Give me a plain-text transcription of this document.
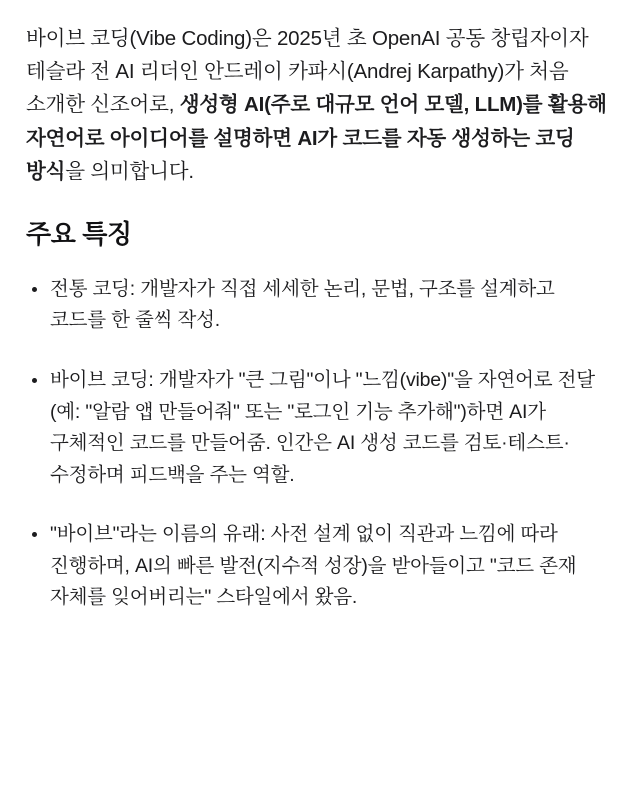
바이브 코딩(Vibe Coding)은 2025년 초 OpenAI 공동 창립자이자 테슬라 전 AI 리더인 안드레이 카파시(Andrej Karpathy)가 처음 소개한 신조어로, 생성형 AI(주로 대규모 언어 모델, LLM)를 활용해 자연어로 아이디어를 설명하면 AI가 코드를 자동 생성하는 코딩 방식을 의미합니다.

주요 특징
전통 코딩: 개발자가 직접 세세한 논리, 문법, 구조를 설계하고 코드를 한 줄씩 작성.
바이브 코딩: 개발자가 "큰 그림"이나 "느낌(vibe)"을 자연어로 전달 (예: "알람 앱 만들어줘" 또는 "로그인 기능 추가해")하면 AI가 구체적인 코드를 만들어줌. 인간은 AI 생성 코드를 검토·테스트·수정하며 피드백을 주는 역할.
"바이브"라는 이름의 유래: 사전 설계 없이 직관과 느낌에 따라 진행하며, AI의 빠른 발전(지수적 성장)을 받아들이고 "코드 존재 자체를 잊어버리는" 스타일에서 왔음.
